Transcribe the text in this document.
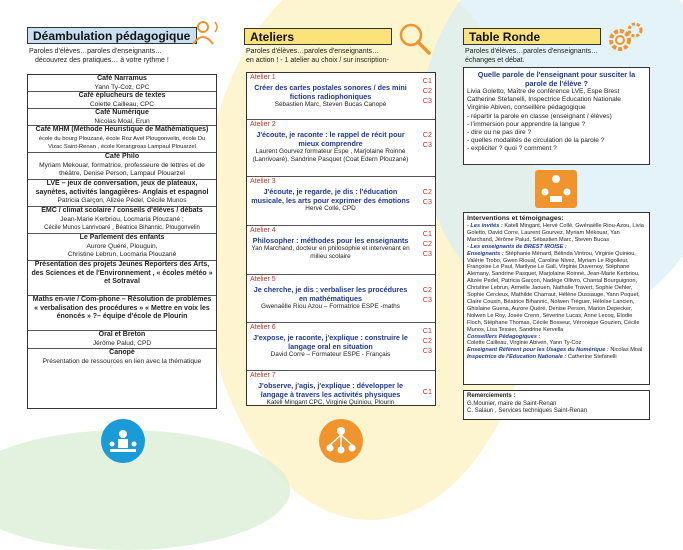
Déambulation pédagogique
Paroles d'élèves…paroles d'enseignants…
découvrez des pratiques… à votre rythme !
Café Narramus
Yann Ty-Coz, CPC
Café éplucheurs de textes
Colette Cailleau, CPC
Café Numérique
Nicolas Moal, Erun
Café MHM (Méthode Heuristique de Mathématiques)
école du bourg Plouzané, école Roz Avel Plougonvelin, école Du
Vizac Saint-Renan , école Kerangroas Lampaul Plouarzel
Café Philo
Myriam Mekouar, formatrice, professeure de lettres et de
théâtre, Denise Person, Lampaul Plouarzel
LVE – jeux de conversation, jeux de plateaux, saynètes, activités langagières- Anglais et espagnol
Patricia Garçon, Alizée Pédel, Cécile Munos
EMC / climat scolaire / conseils d'élèves / débats
Jean-Marie Kerbriou, Locmaria Plouzané ;
Cécile Munos Lanrivoaré , Béatrice Bihannic, Plougonvelin
Le Parlement des enfants
Aurore Quéré, Plouguin,
Christine Lebrun, Locmaria Plouzané
Présentation des projets Jeunes Reporters des Arts, des Sciences et de l'Environnement , « écoles météo » et Sotraval
Maths en-vie / Com-phone – Résolution de problèmes « verbalisation des procédures » « Mettre en voix les énoncés » ?– équipe d'école de Plourin
Oral et Breton
Jérôme Palud, CPD
Canopé
Présentation de ressources en lien avec la thématique
Ateliers
Paroles d'élèves…paroles d'enseignants…
en action ! - 1 atelier au choix / sur inscription-
Atelier 1
Créer des cartes postales sonores / des mini fictions radiophoniques
Sébastien Marc, Steven Bucas Canopé
C1
C2
C3
Atelier 2
J'écoute, je raconte : le rappel de récit pour mieux comprendre
Laurent Gourvez formateur Espe , Marjolaine Roinné (Lanrivoaré), Sandrine Pasquet (Coat Edern Plouzané)
C2
C3
Atelier 3
J'écoute, je regarde, je dis : l'éducation musicale, les arts pour exprimer des émotions
Hervé Collé, CPD
C2
C3
Atelier 4
Philosopher : méthodes pour les enseignants
Yan Marchand, docteur en philosophie et intervenant en milieu scolaire
C1
C2
C3
Atelier 5
Je cherche, je dis : verbaliser les procédures en mathématiques
Gwenaëlle Riou Azou – Formatrice ESPE -maths
C2
C3
Atelier 6
J'expose, je raconte, j'explique : construire le langage oral en situation
David Corre – Formateur ESPE - Français
C1
C2
C3
Atelier 7
J'observe, j'agis, j'explique : développer le langage à travers les activités physiques
Katell Mingant CPC, Virginie Quiniou, Plourin
C1
Table Ronde
Paroles d'élèves…paroles d'enseignants…
échanges et débat.
Quelle parole de l'enseignant pour susciter la parole de l'élève ?
Livia Goletto, Maître de conférence LVE, Espe Brest
Catherine Stefanelli, Inspectrice Education Nationale
Virginie Abiven, conseillère pédagogique
- répartir la parole en classe (enseignant / élèves)
- l'immersion pour apprendre la langue ?
- dire ou ne pas dire ?
- quelles modalités de circulation de la parole ?
- expliciter ? quoi ? comment ?
Interventions et témoignages:
- Les invités : Katell Mingant, Hervé Collé, Gwénaëlle Riou-Azou, Livia Goletto, David Corre, Laurent Gourvez, Myriam Mékouar, Yan Marchand, Jérôme Palud, Sébastien Marc, Steven Bucas
- Les enseignants de BREST IROISE :
Enseignants : Stéphanie Ménard, Bélinda Vintrou, Virginie Quiniou, Valérie Trobo, Gwen Rioual, Caroline Nivez, Myriam Le Rigolleur, Françoise Le Paul, Marilyne Le Gall, Virginie Duvernoy, Stéphane Alemany, Sandrine Pasquet, Marjolaine Roinné, Jean-Marie Kerbriou, Alizée Pedel, Patricia Garçon, Nadège Ollivro, Chantal Bourguignon, Christine Lebrun, Armelle Jaouen, Nathalie Travert, Sophie Oehler, Sophie Cercleux, Mathilde Charraut, Hélène Dussauge, Yann Poquet, Claire Cousin, Béatrice Bihannic, Nolwen Tréguer, Héloïse Lancien, Ghislaine Guena, Aurore Quéré, Denise Person, Marion Depecker, Nolwen Le Roy, Josée Crenn, Séverine Lucas, Anne Lecoq, Elodie Floch, Stéphane Thomas, Cécile Bosseur, Véronique Gouzien, Cécile Munos, Lisa Tessier, Sandrine Kervella
Conseillers Pédagogiques :
Colette Cailleau, Virginie Abiven, Yann Ty-Coz
Enseignant Référent pour les Usages du Numérique : Nicolas Moal
Inspectrice de l'Education Nationale : Catherine Stefanelli
Remerciements :
G.Mounier, maire de Saint-Renan
C. Salaun , Services techniques Saint-Renan
